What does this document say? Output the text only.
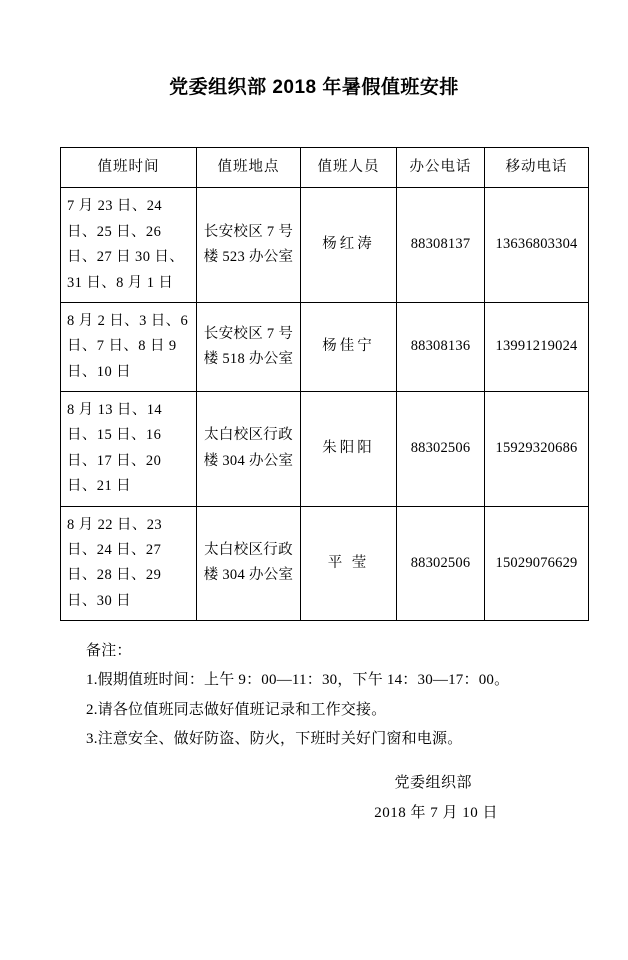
党委组织部 2018 年暑假值班安排
值班时间	值班地点	值班人员	办公电话	移动电话
7 月 23 日、24 日、25 日、26 日、27 日 30 日、31 日、8 月 1 日	长安校区 7 号楼 523 办公室	杨红涛	88308137	13636803304
8 月 2 日、3 日、6 日、7 日、8 日 9 日、10 日	长安校区 7 号楼 518 办公室	杨佳宁	88308136	13991219024
8 月 13 日、14 日、15 日、16 日、17 日、20 日、21 日	太白校区行政楼 304 办公室	朱阳阳	88302506	15929320686
8 月 22 日、23 日、24 日、27 日、28 日、29 日、30 日	太白校区行政楼 304 办公室	平 莹	88302506	15029076629
备注：
1.假期值班时间：上午 9：00—11：30，下午 14：30—17：00。
2.请各位值班同志做好值班记录和工作交接。
3.注意安全、做好防盗、防火，下班时关好门窗和电源。
党委组织部
2018 年 7 月 10 日
